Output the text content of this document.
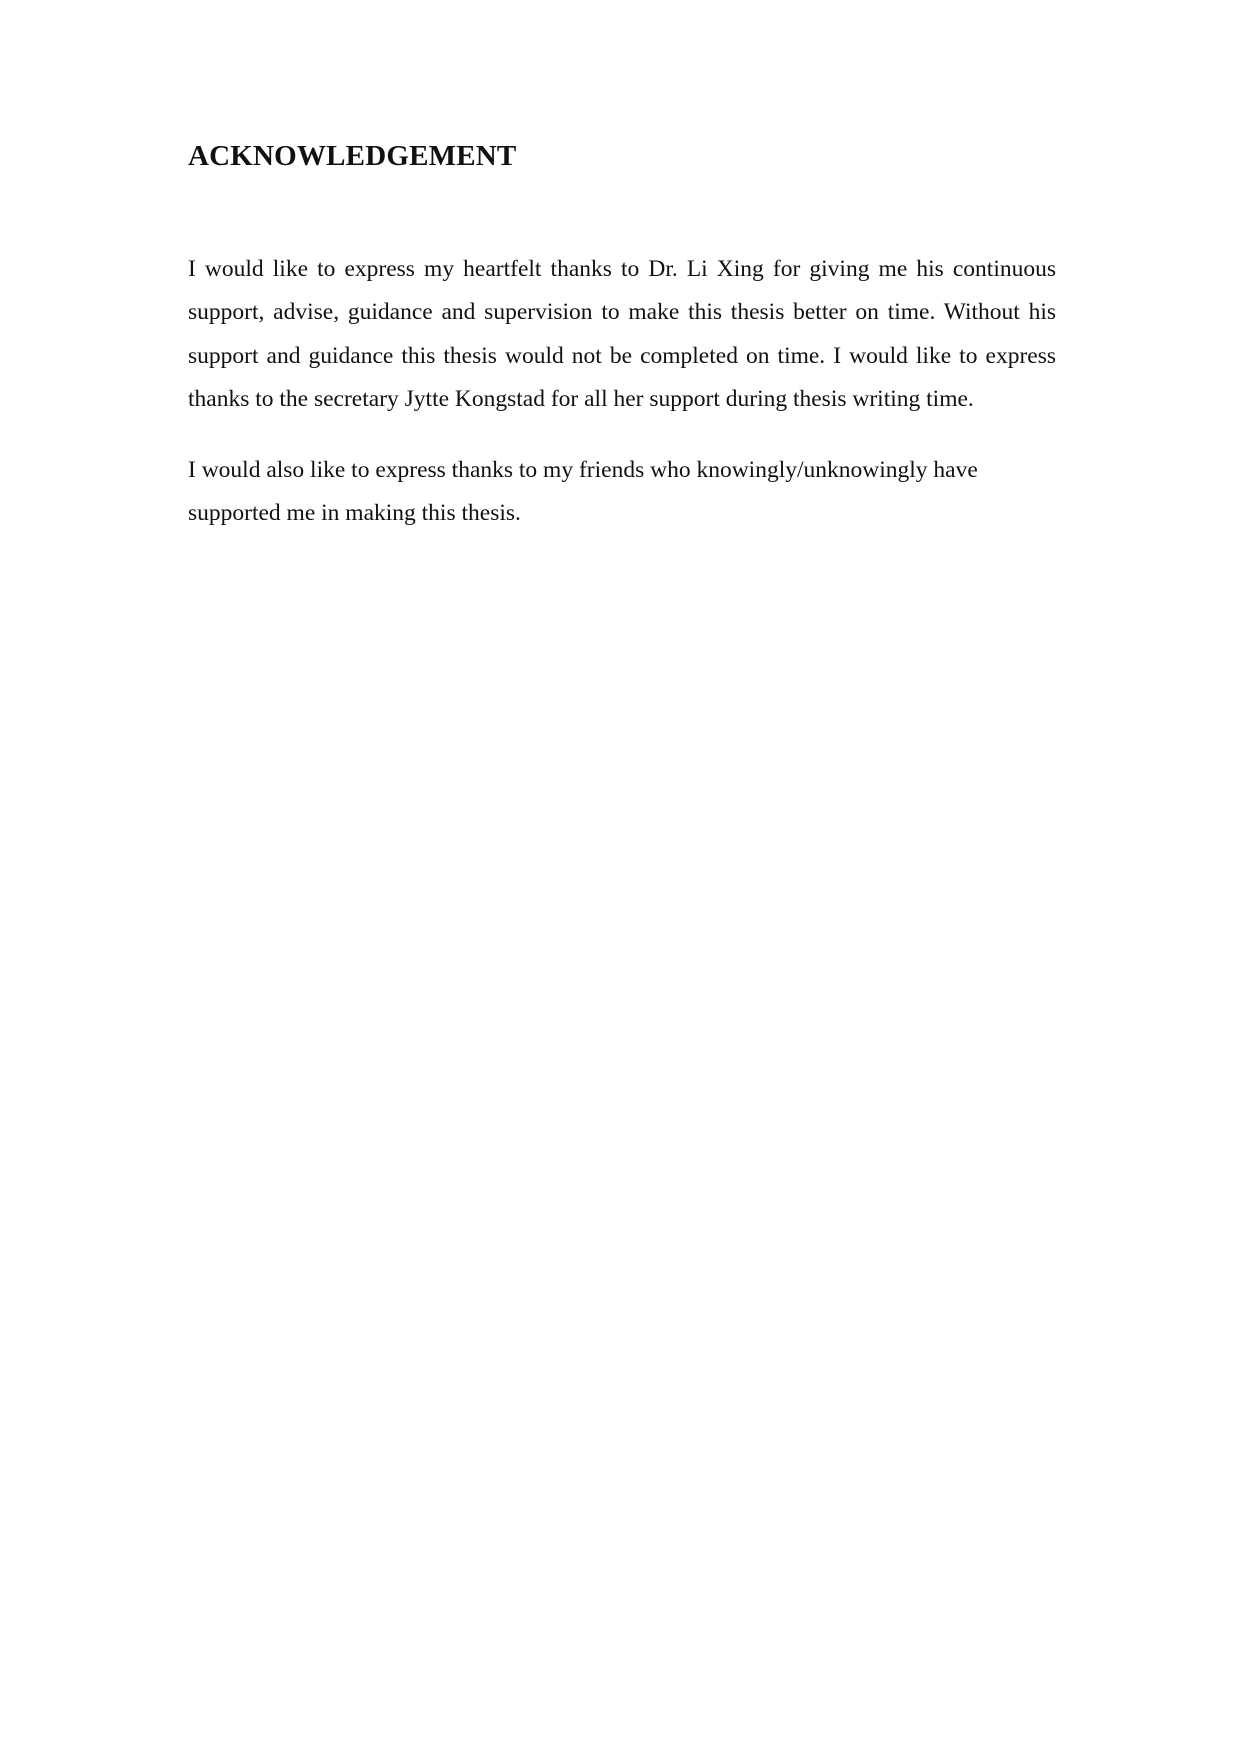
ACKNOWLEDGEMENT

I would like to express my heartfelt thanks to Dr. Li Xing for giving me his continuous support, advise, guidance and supervision to make this thesis better on time. Without his support and guidance this thesis would not be completed on time. I would like to express thanks to the secretary Jytte Kongstad for all her support during thesis writing time.

I would also like to express thanks to my friends who knowingly/unknowingly have supported me in making this thesis.
